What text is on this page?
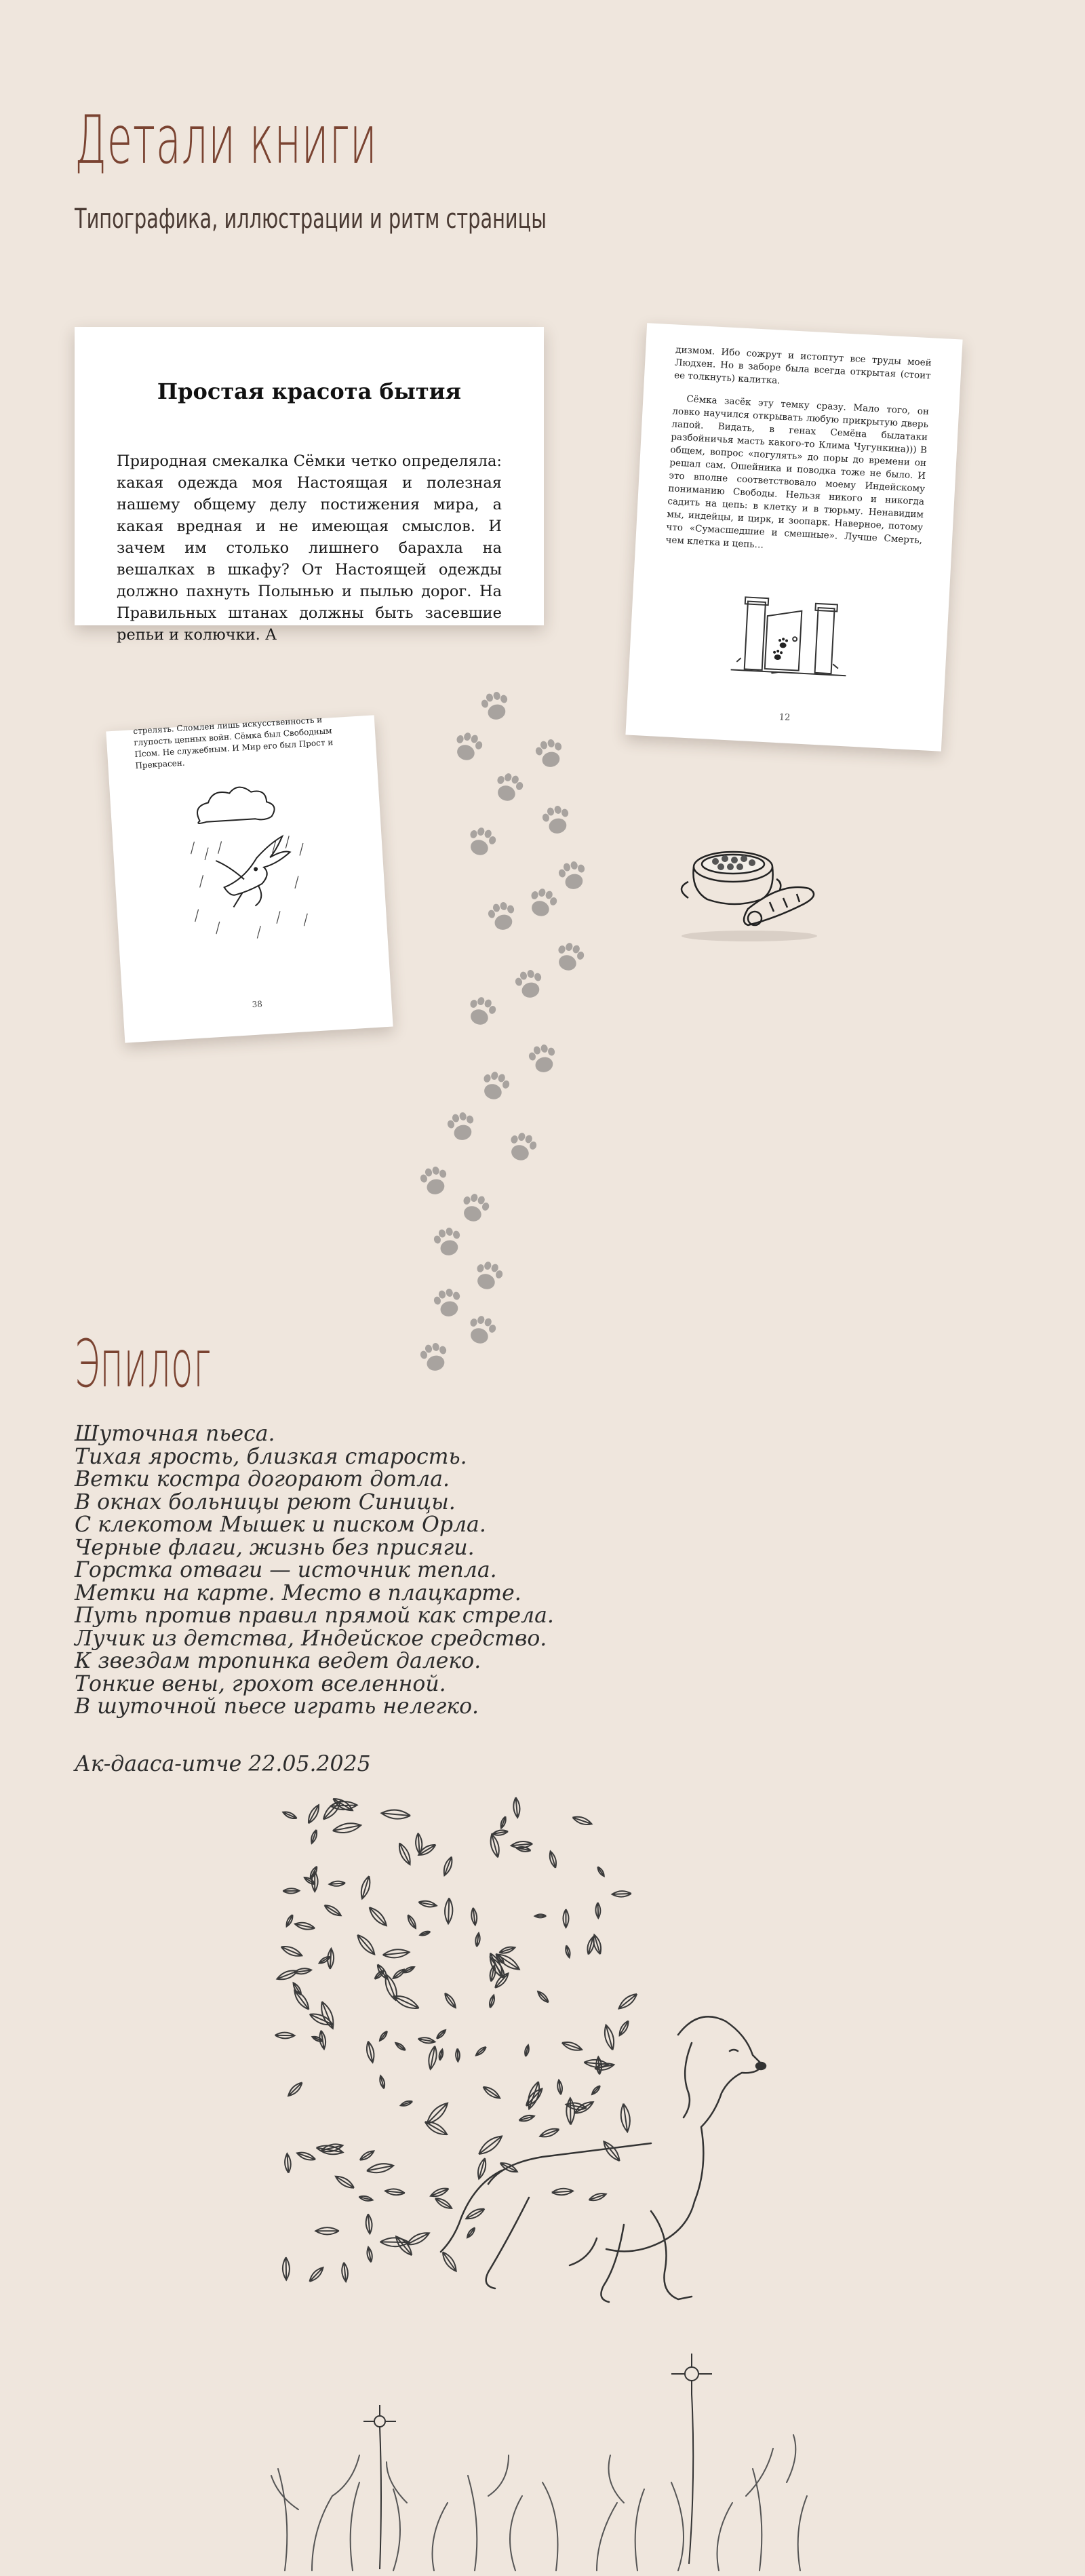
Детали книги

Типографика, иллюстрации и ритм страницы

Простая красота бытия
Природная смекалка Сёмки четко определяла: какая одежда моя Настоящая и полезная нашему общему делу постижения мира, а какая вредная и не имеющая смыслов. И зачем им столько лишнего барахла на вешалках в шкафу? От Настоящей одежды должно пахнуть Полынью и пылью дорог. На Правильных штанах должны быть засевшие репьи и колючки. А
дизмом. Ибо сожрут и истоптут все труды моей Людхен. Но в заборе была всегда открытая (стоит ее толкнуть) калитка.
Сёмка засёк эту темку сразу. Мало того, он ловко научился открывать любую прикрытую дверь лапой. Видать, в генах Семёна былатаки разбойничья масть какого-то Клима Чугункина))) В общем, вопрос «погулять» до поры до времени он решал сам. Ошейника и поводка тоже не было. И это вполне соответствовало моему Индейскому пониманию Свободы. Нельзя никого и никогда садить на цепь: в клетку и в тюрьму. Ненавидим мы, индейцы, и цирк, и зоопарк. Наверное, потому что «Сумасшедшие и смешные». Лучше Смерть, чем клетка и цепь…
12
стрелять. Сломлен лишь искусственность и глупость цепных войн. Сёмка был Свободным Псом. Не служебным. И Мир его был Прост и Прекрасен.
38
Эпилог
Шуточная пьеса.
Тихая ярость, близкая старость.
Ветки костра догорают дотла.
В окнах больницы реют Синицы.
С клекотом Мышек и писком Орла.
Черные флаги, жизнь без присяги.
Горстка отваги — источник тепла.
Метки на карте. Место в плацкарте.
Путь против правил прямой как стрела.
Лучик из детства, Индейское средство.
К звездам тропинка ведет далеко.
Тонкие вены, грохот вселенной.
В шуточной пьесе играть нелегко.
Ак-дааса-итче 22.05.2025
